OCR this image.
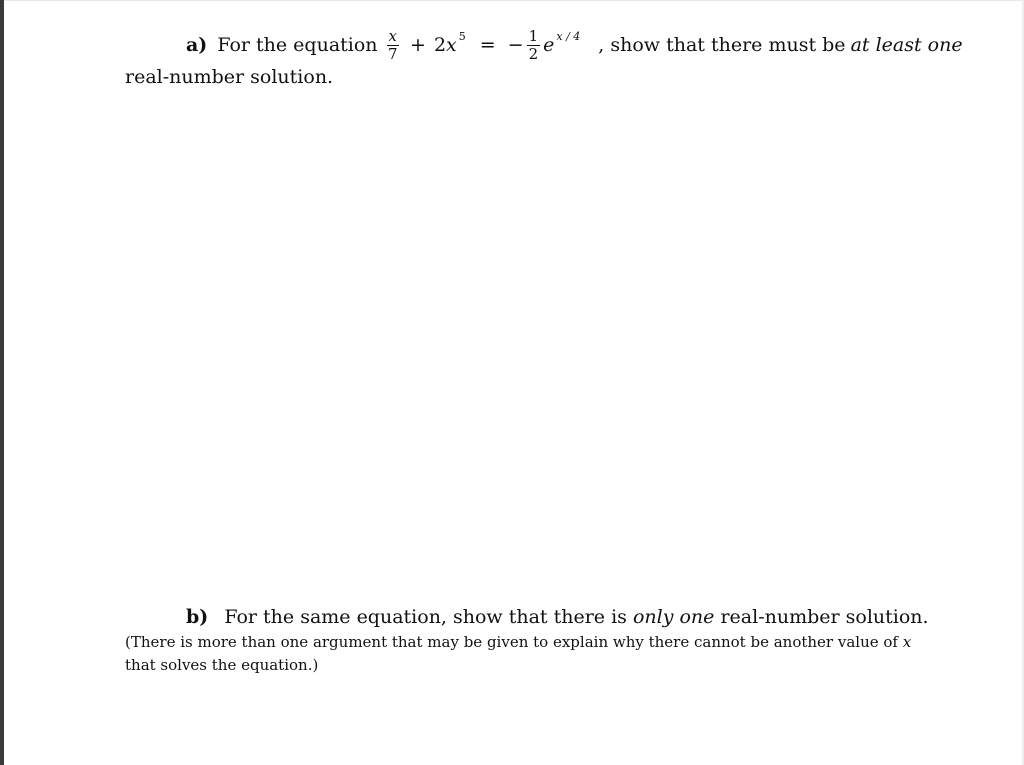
a) For the equation $\frac{x}{7} + 2$ x 5 = − $\frac{1}{2}$ e x / 4 , show that there must be at least one
real-number solution.
b) For the same equation, show that there is only one real-number solution.
(There is more than one argument that may be given to explain why there cannot be another value of x that solves the equation.)
